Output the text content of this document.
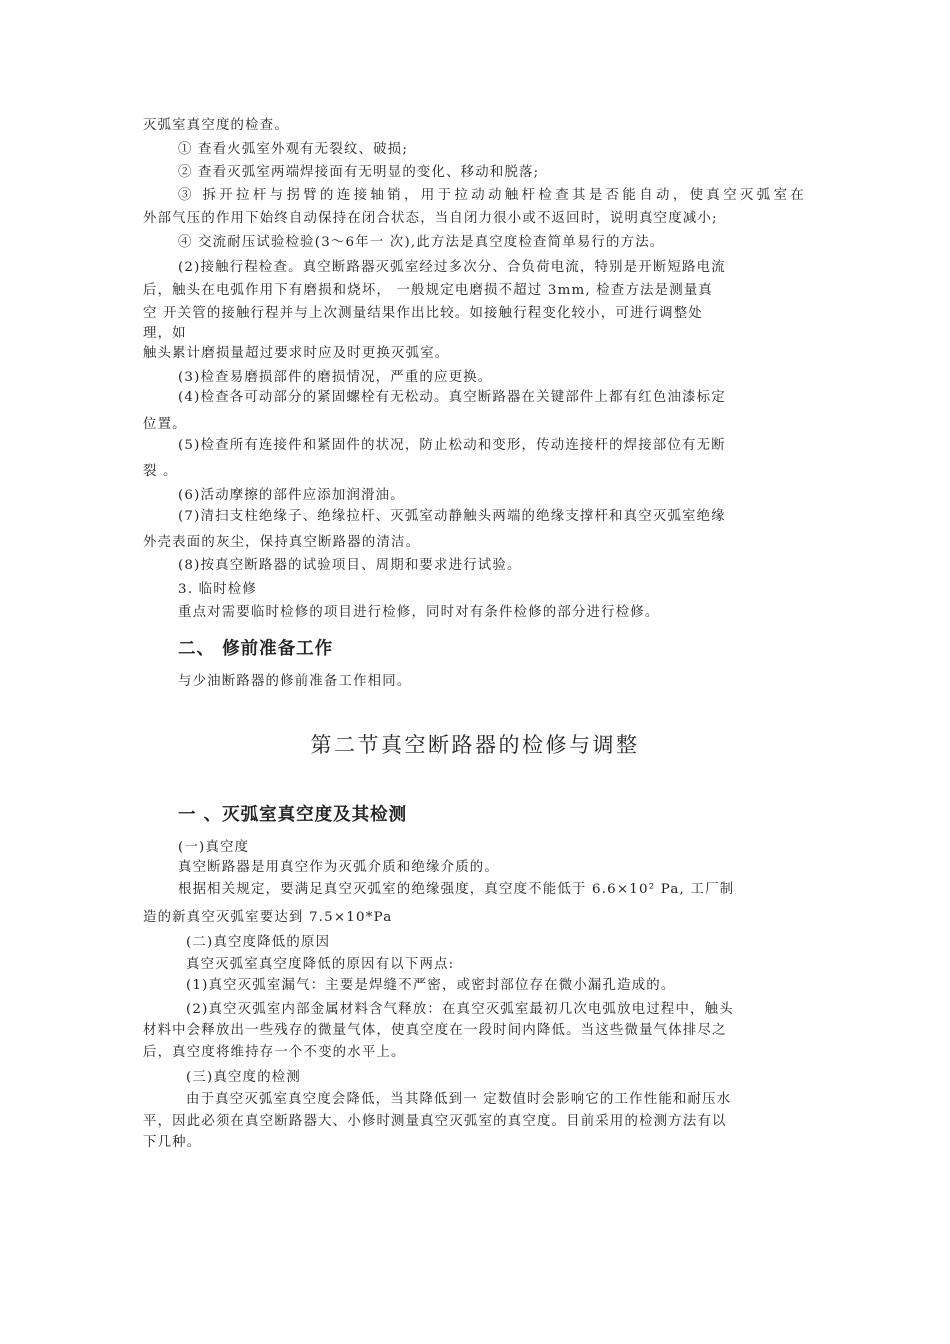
灭弧室真空度的检查。
① 查看火弧室外观有无裂纹、破损;
② 查看灭弧室两端焊接面有无明显的变化、移动和脱落;
③ 拆开拉杆与拐臂的连接轴销，用于拉动动触杆检查其是否能自动，使真空灭弧室在
外部气压的作用下始终自动保持在闭合状态，当自闭力很小或不返回时，说明真空度减小;
④ 交流耐压试验检验(3～6年一 次),此方法是真空度检查简单易行的方法。
(2)接触行程检查。真空断路器灭弧室经过多次分、合负荷电流，特别是开断短路电流
后，触头在电弧作用下有磨损和烧坏， 一般规定电磨损不超过 3mm, 检查方法是测量真
空 开关管的接触行程并与上次测量结果作出比较。如接触行程变化较小，可进行调整处
理，如
触头累计磨损量超过要求时应及时更换灭弧室。
(3)检查易磨损部件的磨损情况，严重的应更换。
(4)检查各可动部分的紧固螺栓有无松动。真空断路器在关键部件上都有红色油漆标定
位置。
(5)检查所有连接件和紧固件的状况，防止松动和变形，传动连接杆的焊接部位有无断
裂 。
(6)活动摩擦的部件应添加润滑油。
(7)清扫支柱绝缘子、绝缘拉杆、灭弧室动静触头两端的绝缘支撑杆和真空灭弧室绝缘
外壳表面的灰尘，保持真空断路器的清洁。
(8)按真空断路器的试验项目、周期和要求进行试验。
3. 临时检修
重点对需要临时检修的项目进行检修，同时对有条件检修的部分进行检修。
二、 修前准备工作
与少油断路器的修前准备工作相同。
第二节真空断路器的检修与调整
一 、灭弧室真空度及其检测
(一)真空度
真空断路器是用真空作为灭弧介质和绝缘介质的。
根据相关规定，要满足真空灭弧室的绝缘强度，真空度不能低于 6.6×10² Pa, 工厂制
造的新真空灭弧室要达到 7.5×10*Pa
(二)真空度降低的原因
真空灭弧室真空度降低的原因有以下两点:
(1)真空灭弧室漏气：主要是焊缝不严密，或密封部位存在微小漏孔造成的。
(2)真空灭弧室内部金属材料含气释放：在真空灭弧室最初几次电弧放电过程中，触头
材料中会释放出一些残存的微量气体，使真空度在一段时间内降低。当这些微量气体排尽之
后，真空度将维持存一个不变的水平上。
(三)真空度的检测
由于真空灭弧室真空度会降低，当其降低到一 定数值时会影响它的工作性能和耐压水
平，因此必须在真空断路器大、小修时测量真空灭弧室的真空度。目前采用的检测方法有以
下几种。
